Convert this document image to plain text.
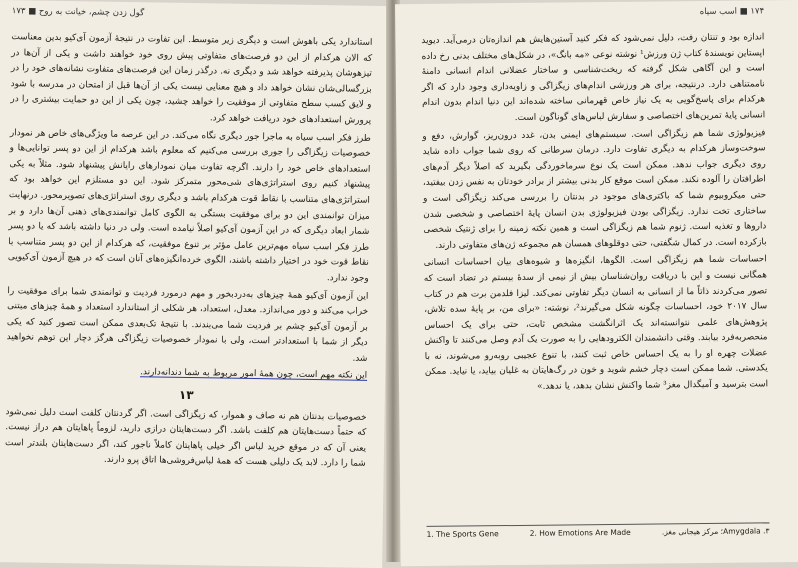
گول زدن چشم، خیانت به روح ■ ۱۷۳

استاندارد یکی باهوش است و دیگری زیر متوسط. این تفاوت در نتیجهٔ آزمون آی‌کیو بدین معناست که الان هرکدام از این دو فرصت‌های متفاوتی پیش روی خود خواهند داشت و یکی از آن‌ها در تیزهوشان پذیرفته خواهد شد و دیگری نه. درگذر زمان این فرصت‌های متفاوت نشانه‌های خود را در بزرگسالی‌شان نشان خواهد داد و هیچ معنایی نیست یکی از آن‌ها قبل از امتحان در مدرسه با شود و لایق کسب سطح متفاوتی از موفقیت را خواهد چشید، چون یکی از این دو حمایت بیشتری را در پرورش استعدادهای خود دریافت خواهد کرد.

طرز فکر اسب سیاه به ماجرا جور دیگری نگاه می‌کند. در این عرصه ما ویژگی‌های خاص هر نمودار خصوصیات زیگزاگی را جوری بررسی می‌کنیم که معلوم باشد هرکدام از این دو پسر توانایی‌ها و استعدادهای خاص خود را دارند. اگرچه تفاوت میان نمودارهای رایانش پیشنهاد شود. مثلاً به یکی پیشنهاد کنیم روی استراتژی‌های شی‌محور متمرکز شود. این دو مستلزم این خواهد بود که استراتژی‌های متناسب با نقاط قوت هرکدام باشد و دیگری روی استراتژی‌های تصویرمحور. درنهایت میزان توانمندی این دو برای موفقیت بستگی به الگوی کامل توانمندی‌های ذهنی آن‌ها دارد و بر شمار ابعاد دیگری که در این آزمون آی‌کیو اصلاً نیامده است. ولی در دنیا داشته باشد که یا دو پسر طرز فکر اسب سیاه مهم‌ترین عامل مؤثر بر تنوع موفقیت، که هرکدام از این دو پسر متناسب با نقاط قوت خود در اختیار داشته باشند، الگوی خرده‌انگیزه‌های آنان است که در هیچ آزمون آی‌کیویی وجود ندارد.

این آزمون آی‌کیو همهٔ چیزهای به‌دردبخور و مهم درمورد فردیت و توانمندی شما برای موفقیت را خراب می‌کند و دور می‌اندازد. معدل، استعداد، هر شکلی از استاندارد استعداد و همهٔ چیزهای مبتنی بر آزمون آی‌کیو چشم بر فردیت شما می‌بندند. با نتیجهٔ تک‌بعدی ممکن است تصور کنید که یکی دیگر از شما با استعدادتر است، ولی با نمودار خصوصیات زیگزاگی هرگز دچار این توهم نخواهید شد.

این نکته مهم است، چون همهٔ امور مربوط به شما دندانه‌دارند.

۱۳

خصوصیات بدنتان هم نه صاف و هموار، که زیگزاگی است. اگر گردنتان کلفت است دلیل نمی‌شود که حتماً دست‌هایتان هم کلفت باشد. اگر دست‌هایتان درازی دارید، لزوماً پاهایتان هم دراز نیست. یعنی آن که در موقع خرید لباس اگر خیلی پاهایتان کاملاً ناجور کند، اگر دست‌هایتان بلندتر است شما را دارد. لابد یک دلیلی هست که همهٔ لباس‌فروشی‌ها اتاق پرو دارند.

۱۷۴ ■ اسب سیاه

اندازه بود و تنتان رفت، دلیل نمی‌شود که فکر کنید آستین‌هایش هم اندازه‌تان درمی‌آید. دیوید اپستاین نویسندهٔ کتاب ژن ورزش¹ نوشته نوعی «مه بانگ»، در شکل‌های مختلف بدنی رخ داده است و این آگاهی شکل گرفته که ریخت‌شناسی و ساختار عضلانی اندام انسانی دامنهٔ ناممتناهی دارد. درنتیجه، برای هر ورزشی اندام‌های زیگزاگی و زاویه‌داری وجود دارد که اگر هرکدام برای پاسخ‌گویی به یک نیاز خاص قهرمانی ساخته شده‌اند این دنیا اندام بدون اندام انسانی پایهٔ تمرین‌های اختصاصی و سفارش لباس‌های گوناگون است.

فیزیولوژی شما هم زیگزاگی است. سیستم‌های ایمنی بدن، غدد درون‌ریز، گوارش، دفع و سوخت‌وساز هرکدام به دیگری تفاوت دارد. درمان سرطانی که روی شما جواب داده شاید روی دیگری جواب ندهد. ممکن است یک نوع سرماخوردگی بگیرید که اصلاً دیگر آدم‌های اطرافتان را آلوده نکند. ممکن است موقع کار بدنی بیشتر از برادر خودتان به نفس زدن بیفتید، حتی میکروبیوم شما که باکتری‌های موجود در بدنتان را بررسی می‌کند زیگزاگی است و ساختاری تخت ندارد. زیگزاگی بودن فیزیولوژی بدن انسان پایهٔ اختصاصی و شخصی شدن داروها و تغذیه است. ژنوم شما هم زیگزاگی است و همین نکته زمینه را برای ژنتیک شخصی بازکرده است. در کمال شگفتی، حتی دوقلوهای همسان هم مجموعه ژن‌های متفاوتی دارند.

احساسات شما هم زیگزاگی است. الگوها، انگیزه‌ها و شیوه‌های بیان احساسات انسانی همگانی نیست و این با دریافت روان‌شناسان بیش از نیمی از سدهٔ بیستم در تضاد است که تصور می‌کردند ذاتاً ما از انسانی به انسان دیگر تفاوتی نمی‌کند. لیزا فلدمن برت هم در کتاب سال ۲۰۱۷ خود، احساسات چگونه شکل می‌گیرند²، نوشته: «برای من، بر پایهٔ سده تلاش، پژوهش‌های علمی نتوانسته‌اند یک اثرانگشت مشخص ثابت، حتی برای یک احساس منحصربه‌فرد بیابند. وقتی دانشمندان الکترودهایی را به صورت یک آدم وصل می‌کنند تا واکنش عضلات چهره او را به یک احساس خاص ثبت کنند، با تنوع عجیبی روبه‌رو می‌شوند، نه با یکدستی. شما ممکن است دچار خشم شوید و خون در رگ‌هایتان به غلیان بیاید، یا نیاید. ممکن است بترسید و آمیگدال مغز³ شما واکنش نشان بدهد، یا ندهد.»

1. The Sports Gene	2. How Emotions Are Made	۳. Amygdala؛ مرکز هیجانی مغز.
